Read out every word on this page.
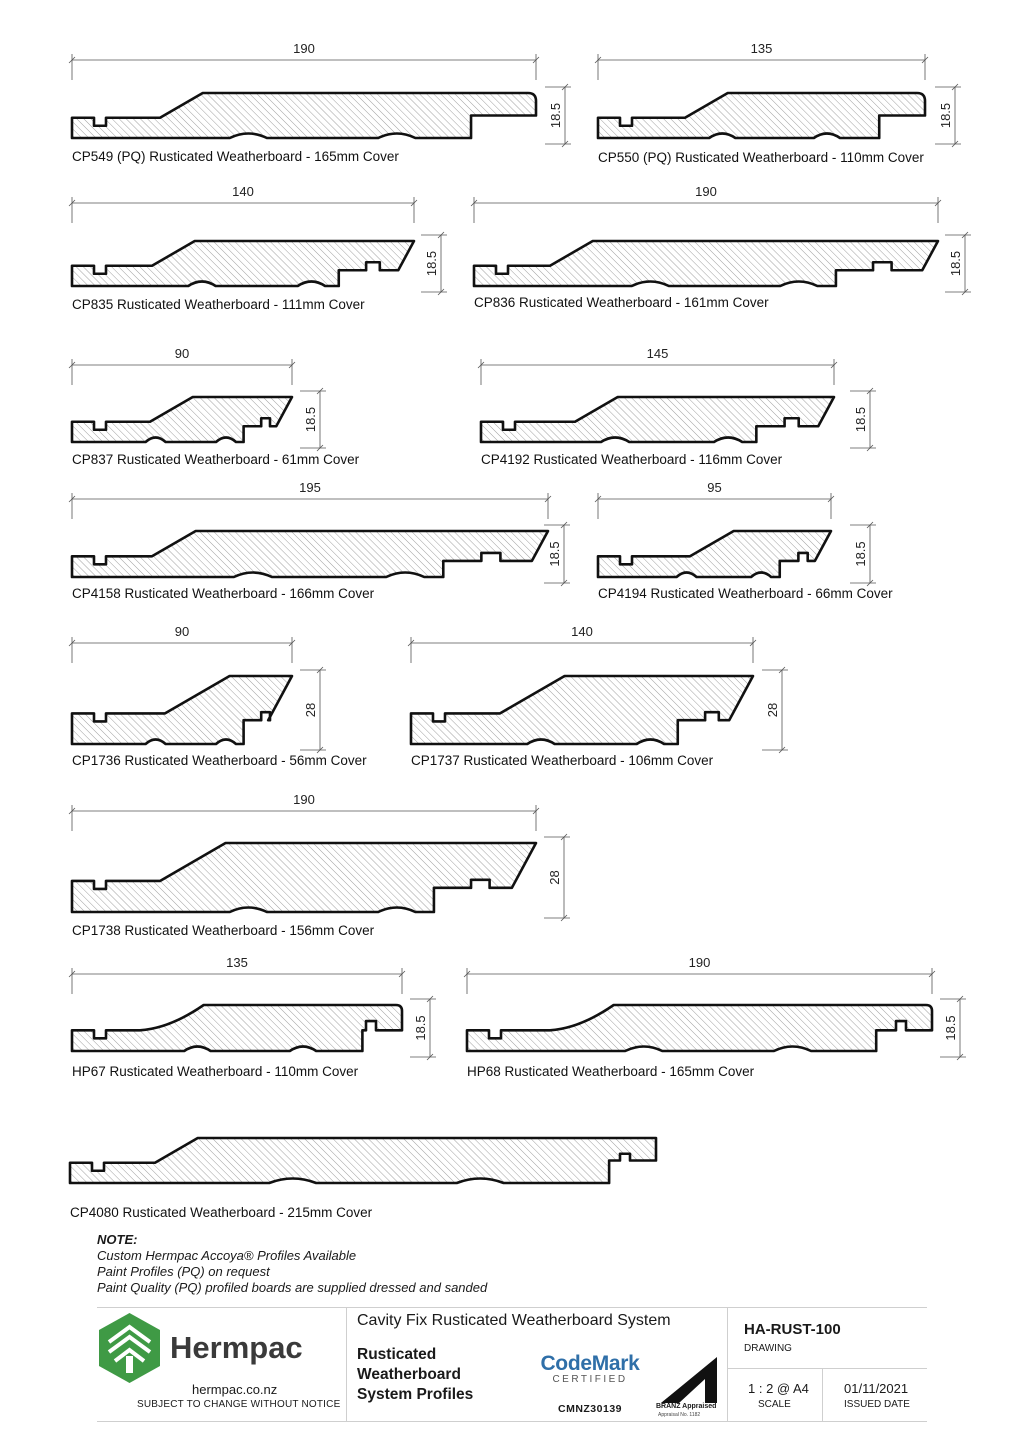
190
18.5
CP549 (PQ) Rusticated Weatherboard - 165mm Cover
135
18.5
CP550 (PQ) Rusticated Weatherboard - 110mm Cover
140
18.5
CP835 Rusticated Weatherboard - 111mm Cover
190
18.5
CP836 Rusticated Weatherboard - 161mm Cover
90
18.5
CP837 Rusticated Weatherboard - 61mm Cover
145
18.5
CP4192 Rusticated Weatherboard - 116mm Cover
195
18.5
CP4158 Rusticated Weatherboard - 166mm Cover
95
18.5
CP4194 Rusticated Weatherboard - 66mm Cover
90
28
CP1736 Rusticated Weatherboard - 56mm Cover
140
28
CP1737 Rusticated Weatherboard - 106mm Cover
190
28
CP1738 Rusticated Weatherboard - 156mm Cover
135
18.5
HP67 Rusticated Weatherboard - 110mm Cover
190
18.5
HP68 Rusticated Weatherboard - 165mm Cover
CP4080 Rusticated Weatherboard - 215mm Cover
NOTE:
Custom Hermpac Accoya® Profiles Available
Paint Profiles (PQ) on request
Paint Quality (PQ) profiled boards are supplied dressed and sanded
Hermpac
hermpac.co.nz
SUBJECT TO CHANGE WITHOUT NOTICE
Cavity Fix Rusticated Weatherboard System
Rusticated Weatherboard System Profiles
CodeMark
CERTIFIED
CMNZ30139	BRANZ Appraised
Appraisal No. 1182
HA-RUST-100
DRAWING
1 : 2 @ A4
SCALE
01/11/2021
ISSUED DATE
